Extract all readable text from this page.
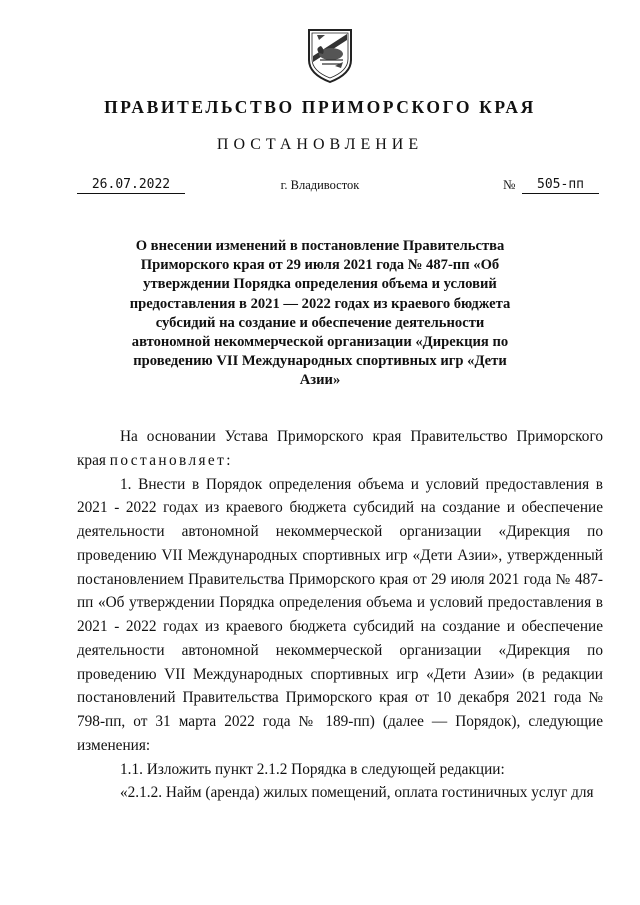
ПРАВИТЕЛЬСТВО ПРИМОРСКОГО КРАЯ
ПОСТАНОВЛЕНИЕ
26.07.2022	г. Владивосток	№	505-пп
О внесении изменений в постановление Правительства Приморского края от 29 июля 2021 года № 487-пп «Об утверждении Порядка определения объема и условий предоставления в 2021 — 2022 годах из краевого бюджета субсидий на создание и обеспечение деятельности автономной некоммерческой организации «Дирекция по проведению VII Международных спортивных игр «Дети Азии»

На основании Устава Приморского края Правительство Приморского края постановляет:

1. Внести в Порядок определения объема и условий предоставления в 2021 - 2022 годах из краевого бюджета субсидий на создание и обеспечение деятельности автономной некоммерческой организации «Дирекция по проведению VII Международных спортивных игр «Дети Азии», утвержденный постановлением Правительства Приморского края от 29 июля 2021 года № 487-пп «Об утверждении Порядка определения объема и условий предоставления в 2021 - 2022 годах из краевого бюджета субсидий на создание и обеспечение деятельности автономной некоммерческой организации «Дирекция по проведению VII Международных спортивных игр «Дети Азии» (в редакции постановлений Правительства Приморского края от 10 декабря 2021 года № 798-пп, от 31 марта 2022 года № 189-пп) (далее — Порядок), следующие изменения:

1.1. Изложить пункт 2.1.2 Порядка в следующей редакции:

«2.1.2. Найм (аренда) жилых помещений, оплата гостиничных услуг для
